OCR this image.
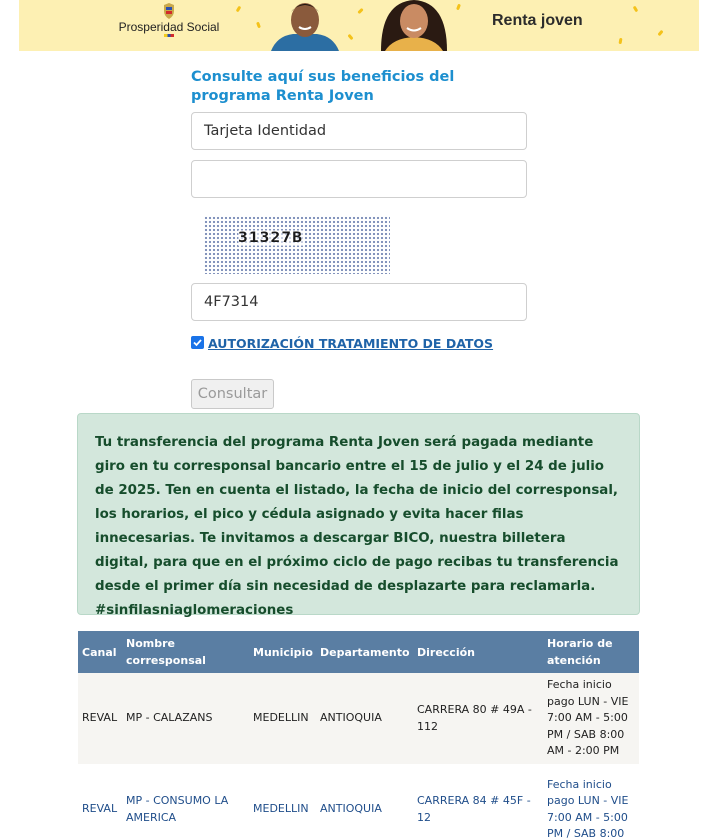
Prosperidad Social	Renta joven
Consulte aquí sus beneficios del programa Renta Joven
Tarjeta Identidad
31327B
4F7314
AUTORIZACIÓN TRATAMIENTO DE DATOS
Consultar

Tu transferencia del programa Renta Joven será pagada mediante giro en tu corresponsal bancario entre el 15 de julio y el 24 de julio de 2025. Ten en cuenta el listado, la fecha de inicio del corresponsal, los horarios, el pico y cédula asignado y evita hacer filas innecesarias. Te invitamos a descargar BICO, nuestra billetera digital, para que en el próximo ciclo de pago recibas tu transferencia desde el primer día sin necesidad de desplazarte para reclamarla. #sinfilasniaglomeraciones

Canal	Nombre corresponsal	Municipio	Departamento	Dirección	Horario de atención
REVAL	MP - CALAZANS	MEDELLIN	ANTIOQUIA	CARRERA 80 # 49A - 112	Fecha inicio pago LUN - VIE 7:00 AM - 5:00 PM / SAB 8:00 AM - 2:00 PM
REVAL	MP - CONSUMO LA AMERICA	MEDELLIN	ANTIOQUIA	CARRERA 84 # 45F - 12	Fecha inicio pago LUN - VIE 7:00 AM - 5:00 PM / SAB 8:00
